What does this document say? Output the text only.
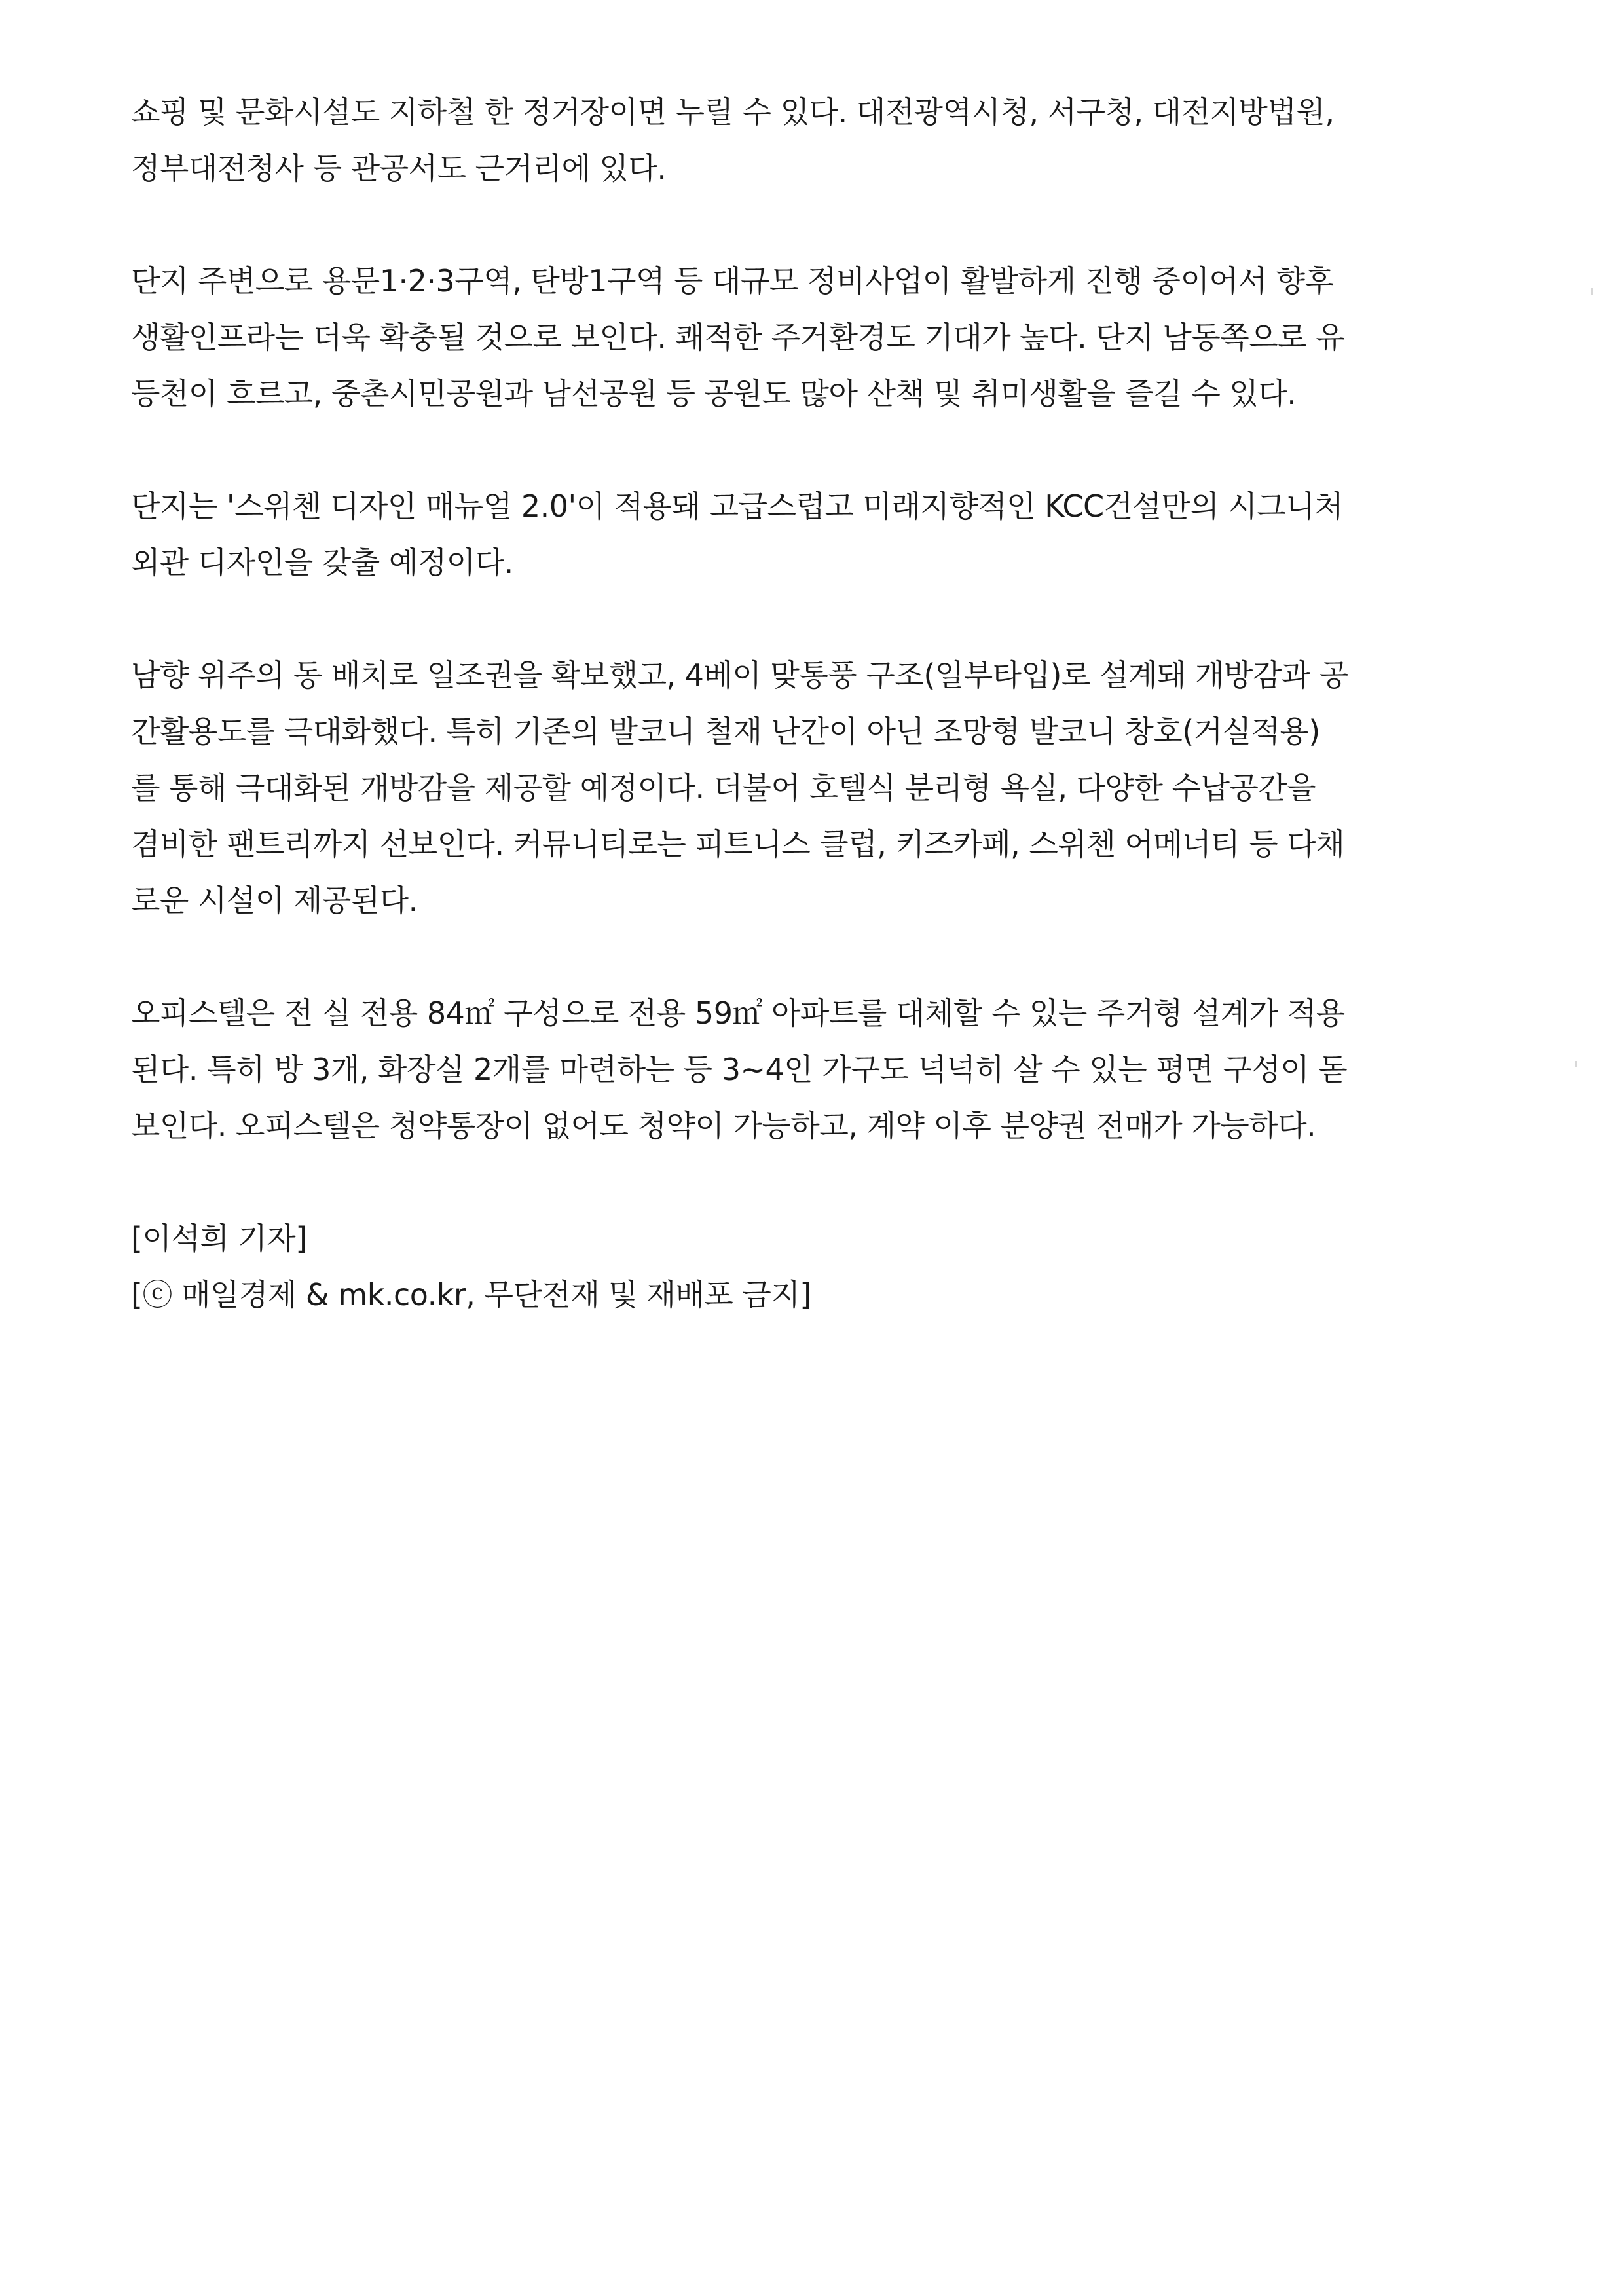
쇼핑 및 문화시설도 지하철 한 정거장이면 누릴 수 있다. 대전광역시청, 서구청, 대전지방법원,
정부대전청사 등 관공서도 근거리에 있다.

단지 주변으로 용문1·2·3구역, 탄방1구역 등 대규모 정비사업이 활발하게 진행 중이어서 향후
생활인프라는 더욱 확충될 것으로 보인다. 쾌적한 주거환경도 기대가 높다. 단지 남동쪽으로 유
등천이 흐르고, 중촌시민공원과 남선공원 등 공원도 많아 산책 및 취미생활을 즐길 수 있다.

단지는 '스위첸 디자인 매뉴얼 2.0'이 적용돼 고급스럽고 미래지향적인 KCC건설만의 시그니처
외관 디자인을 갖출 예정이다.

남향 위주의 동 배치로 일조권을 확보했고, 4베이 맞통풍 구조(일부타입)로 설계돼 개방감과 공
간활용도를 극대화했다. 특히 기존의 발코니 철재 난간이 아닌 조망형 발코니 창호(거실적용)
를 통해 극대화된 개방감을 제공할 예정이다. 더불어 호텔식 분리형 욕실, 다양한 수납공간을
겸비한 팬트리까지 선보인다. 커뮤니티로는 피트니스 클럽, 키즈카페, 스위첸 어메너티 등 다채
로운 시설이 제공된다.

오피스텔은 전 실 전용 84㎡ 구성으로 전용 59㎡ 아파트를 대체할 수 있는 주거형 설계가 적용
된다. 특히 방 3개, 화장실 2개를 마련하는 등 3~4인 가구도 넉넉히 살 수 있는 평면 구성이 돋
보인다. 오피스텔은 청약통장이 없어도 청약이 가능하고, 계약 이후 분양권 전매가 가능하다.

[이석희 기자]

[ⓒ 매일경제 & mk.co.kr, 무단전재 및 재배포 금지]
